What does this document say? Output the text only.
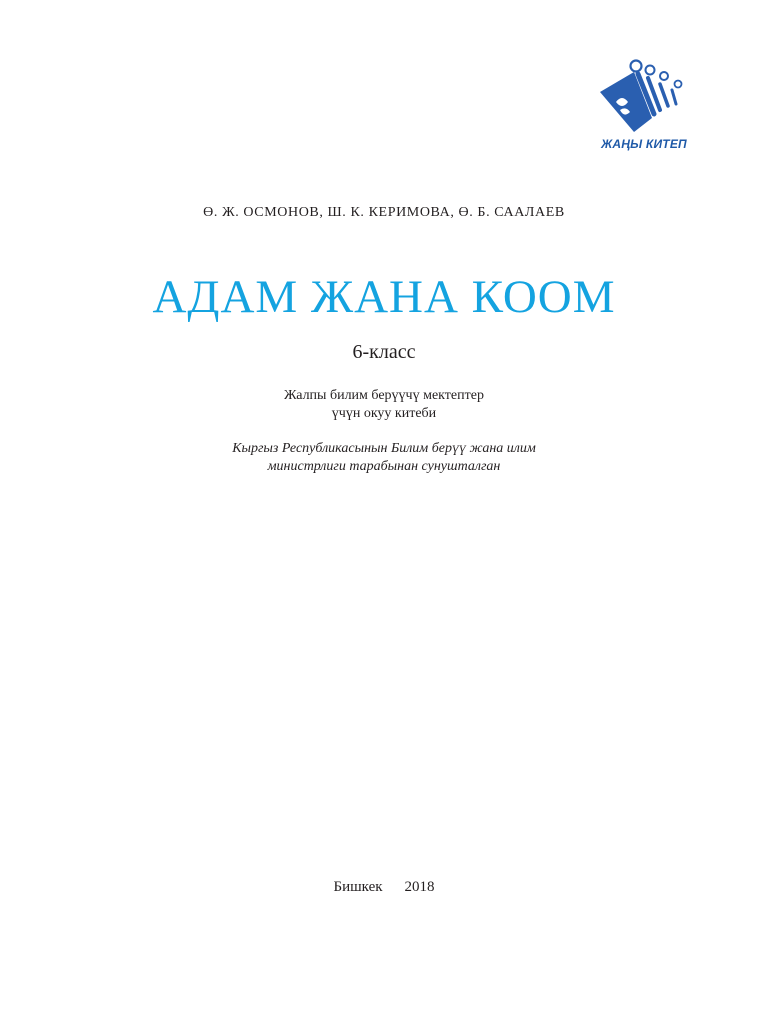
ЖАҢЫ КИТЕП
Ө. Ж. ОСМОНОВ, Ш. К. КЕРИМОВА, Ө. Б. СААЛАЕВ
АДАМ ЖАНА КООМ
6-класс
Жалпы билим берүүчү мектептер
үчүн окуу китеби
Кыргыз Республикасынын Билим берүү жана илим
министрлиги тарабынан сунушталган
Бишкек 2018
